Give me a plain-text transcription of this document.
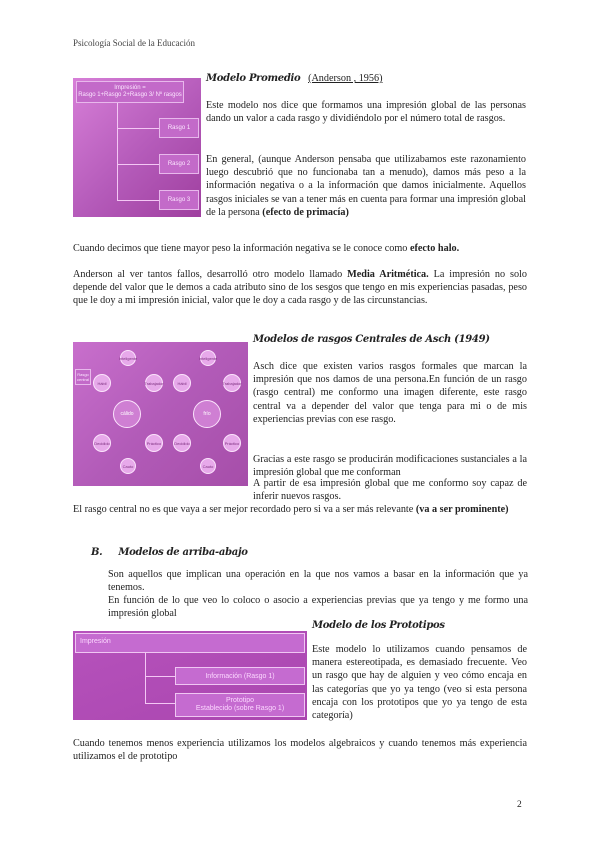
Psicología Social de la Educación
Impresión =
Rasgo 1+Rasgo 2+Rasgo 3/ Nº rasgos
Rasgo 1
Rasgo 2
Rasgo 3
Modelo Promedio (Anderson , 1956)

Este modelo nos dice que formamos una impresión global de las personas dando un valor a cada rasgo y dividiéndolo por el número total de rasgos.

En general, (aunque Anderson pensaba que utilizabamos este razonamiento luego descubrió que no funcionaba tan a menudo), damos más peso a la información negativa o a la información que damos inicialmente. Aquellos rasgos iniciales se van a tener más en cuenta para formar una impresión global de la persona (efecto de primacía)

Cuando decimos que tiene mayor peso la información negativa se le conoce como efecto halo.

Anderson al ver tantos fallos, desarrolló otro modelo llamado Media Aritmética. La impresión no solo depende del valor que le demos a cada atributo sino de los sesgos que tengo en mis experiencias pasadas, peso que le doy a mi impresión inicial, valor que le doy a cada rasgo y de las circunstancias.

Rasgo central
cálido
Inteligente
Hábil	Trabajador
Decidido	Práctico
Cauto
frío
Inteligente
Hábil	Trabajador
Decidido	Práctico
Cauto
Modelos de rasgos Centrales de Asch (1949)

Asch dice que existen varios rasgos formales que marcan la impresión que nos damos de una persona.En función de un rasgo (rasgo central) me conformo una imagen diferente, este rasgo central va a depender del valor que tenga para mi o de mis experiencias previas con ese rasgo.

Gracias a este rasgo se producirán modificaciones sustanciales a la impresión global que me conforman

A partir de esa impresión global que me conformo soy capaz de inferir nuevos rasgos.

El rasgo central no es que vaya a ser mejor recordado pero si va a ser más relevante (va a ser prominente)

B. Modelos de arriba-abajo

Son aquellos que implican una operación en la que nos vamos a basar en la información que ya tenemos.

En función de lo que veo lo coloco o asocio a experiencias previas que ya tengo y me formo una impresión global

Impresión
Información (Rasgo 1)
Prototipo
Establecido (sobre Rasgo 1)
Modelo de los Prototipos

Este modelo lo utilizamos cuando pensamos de manera estereotipada, es demasiado frecuente. Veo un rasgo que hay de alguien y veo cómo encaja en las categorías que yo ya tengo (veo si esta persona encaja con los prototipos que yo ya tengo de esta categoría)

Cuando tenemos menos experiencia utilizamos los modelos algebraicos y cuando tenemos más experiencia utilizamos el de prototipo

2
